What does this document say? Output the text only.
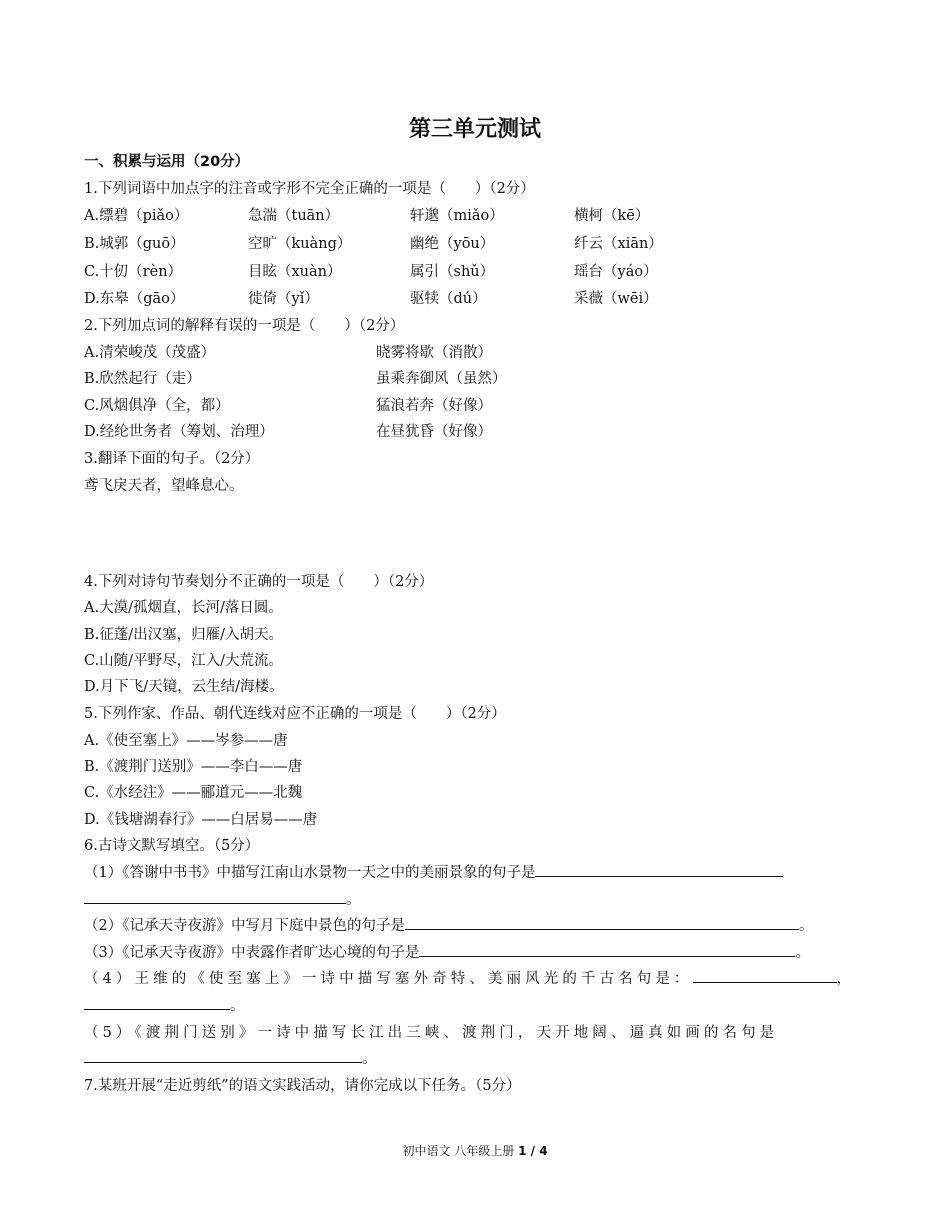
第三单元测试
一、积累与运用（20分）
1.下列词语中加点字的注音或字形不完全正确的一项是（　　）（2分）
A.缥碧（piǎo）	急湍（tuān）	轩邈（miǎo）	横柯（kē）
B.城郭（guō）	空旷（kuàng）	幽绝（yōu）	纤云（xiān）
C.十仞（rèn）	目眩（xuàn）	属引（shǔ）	瑶台（yáo）
D.东皋（gāo）	徙倚（yǐ）	驱犊（dú）	采薇（wēi）
2.下列加点词的解释有误的一项是（　　）（2分）
A.清荣峻茂（茂盛）	晓雾将歇（消散）
B.欣然起行（走）	虽乘奔御风（虽然）
C.风烟俱净（全，都）	猛浪若奔（好像）
D.经纶世务者（筹划、治理）	在昼犹昏（好像）
3.翻译下面的句子。（2分）
鸢飞戾天者，望峰息心。
4.下列对诗句节奏划分不正确的一项是（　　）（2分）
A.大漠/孤烟直，长河/落日圆。
B.征蓬/出汉塞，归雁/入胡天。
C.山随/平野尽，江入/大荒流。
D.月下飞/天镜，云生结/海楼。
5.下列作家、作品、朝代连线对应不正确的一项是（　　）（2分）
A.《使至塞上》——岑参——唐
B.《渡荆门送别》——李白——唐
C.《水经注》——郦道元——北魏
D.《钱塘湖春行》——白居易——唐
6.古诗文默写填空。（5分）
（1）《答谢中书书》中描写江南山水景物一天之中的美丽景象的句子是
。
（2）《记承天寺夜游》中写月下庭中景色的句子是	。
（3）《记承天寺夜游》中表露作者旷达心境的句子是	。
（4）王维的《使至塞上》一诗中描写塞外奇特、美丽风光的千古名句是：	，
。
（5）《渡荆门送别》一诗中描写长江出三峡、渡荆门，天开地阔、逼真如画的名句是
。
7.某班开展“走近剪纸”的语文实践活动，请你完成以下任务。（5分）
初中语文 八年级上册 1 / 4
